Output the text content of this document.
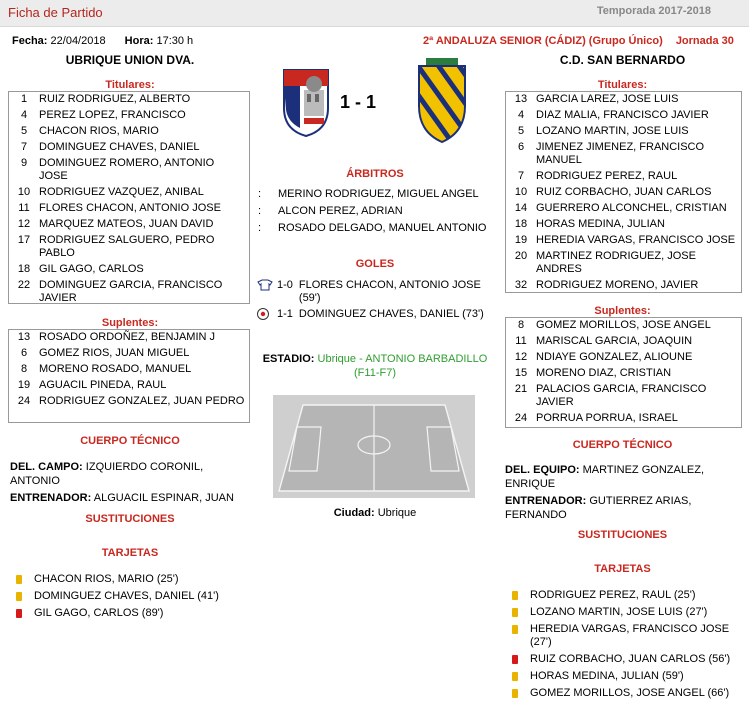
Ficha de Partido	Temporada 2017-2018
Fecha: 22/04/2018 Hora: 17:30 h	2ª ANDALUZA SENIOR (CÁDIZ) (Grupo Único) Jornada 30
UBRIQUE UNION DVA.	C.D. SAN BERNARDO
Titulares:	Titulares:
1	RUIZ RODRIGUEZ, ALBERTO
4	PEREZ LOPEZ, FRANCISCO
5	CHACON RIOS, MARIO
7	DOMINGUEZ CHAVES, DANIEL
9	DOMINGUEZ ROMERO, ANTONIO JOSE
10 RODRIGUEZ VAZQUEZ, ANIBAL
11 FLORES CHACON, ANTONIO JOSE
12 MARQUEZ MATEOS, JUAN DAVID
17 RODRIGUEZ SALGUERO, PEDRO PABLO
18 GIL GAGO, CARLOS
22 DOMINGUEZ GARCIA, FRANCISCO JAVIER
13 GARCIA LAREZ, JOSE LUIS
4	DIAZ MALIA, FRANCISCO JAVIER
5	LOZANO MARTIN, JOSE LUIS
6	JIMENEZ JIMENEZ, FRANCISCO MANUEL
7	RODRIGUEZ PEREZ, RAUL
10 RUIZ CORBACHO, JUAN CARLOS
14 GUERRERO ALCONCHEL, CRISTIAN
18 HORAS MEDINA, JULIAN
19 HEREDIA VARGAS, FRANCISCO JOSE
20 MARTINEZ RODRIGUEZ, JOSE ANDRES
32 RODRIGUEZ MORENO, JAVIER
Suplentes:
Suplentes:
13 ROSADO ORDOÑEZ, BENJAMIN J
6	GOMEZ RIOS, JUAN MIGUEL
8	MORENO ROSADO, MANUEL
19 AGUACIL PINEDA, RAUL
24 RODRIGUEZ GONZALEZ, JUAN PEDRO
8	GOMEZ MORILLOS, JOSE ANGEL
11 MARISCAL GARCIA, JOAQUIN
12 NDIAYE GONZALEZ, ALIOUNE
15 MORENO DIAZ, CRISTIAN
21 PALACIOS GARCIA, FRANCISCO JAVIER
24 PORRUA PORRUA, ISRAEL
CUERPO TÉCNICO	CUERPO TÉCNICO
DEL. CAMPO: IZQUIERDO CORONIL, ANTONIO
ENTRENADOR: ALGUACIL ESPINAR, JUAN
DEL. EQUIPO: MARTINEZ GONZALEZ, ENRIQUE
ENTRENADOR: GUTIERREZ ARIAS, FERNANDO
SUSTITUCIONES
SUSTITUCIONES
TARJETAS
TARJETAS
CHACON RIOS, MARIO (25')
DOMINGUEZ CHAVES, DANIEL (41')
GIL GAGO, CARLOS (89')
RODRIGUEZ PEREZ, RAUL (25')
LOZANO MARTIN, JOSE LUIS (27')
HEREDIA VARGAS, FRANCISCO JOSE (27')
RUIZ CORBACHO, JUAN CARLOS (56')
HORAS MEDINA, JULIAN (59')
GOMEZ MORILLOS, JOSE ANGEL (66')
1 - 1
ÁRBITROS
:	MERINO RODRIGUEZ, MIGUEL ANGEL
:	ALCON PEREZ, ADRIAN
:	ROSADO DELGADO, MANUEL ANTONIO
GOLES
1-0 FLORES CHACON, ANTONIO JOSE
(59')
1-1 DOMINGUEZ CHAVES, DANIEL (73')
ESTADIO: Ubrique - ANTONIO BARBADILLO
(F11-F7)
Ciudad: Ubrique
